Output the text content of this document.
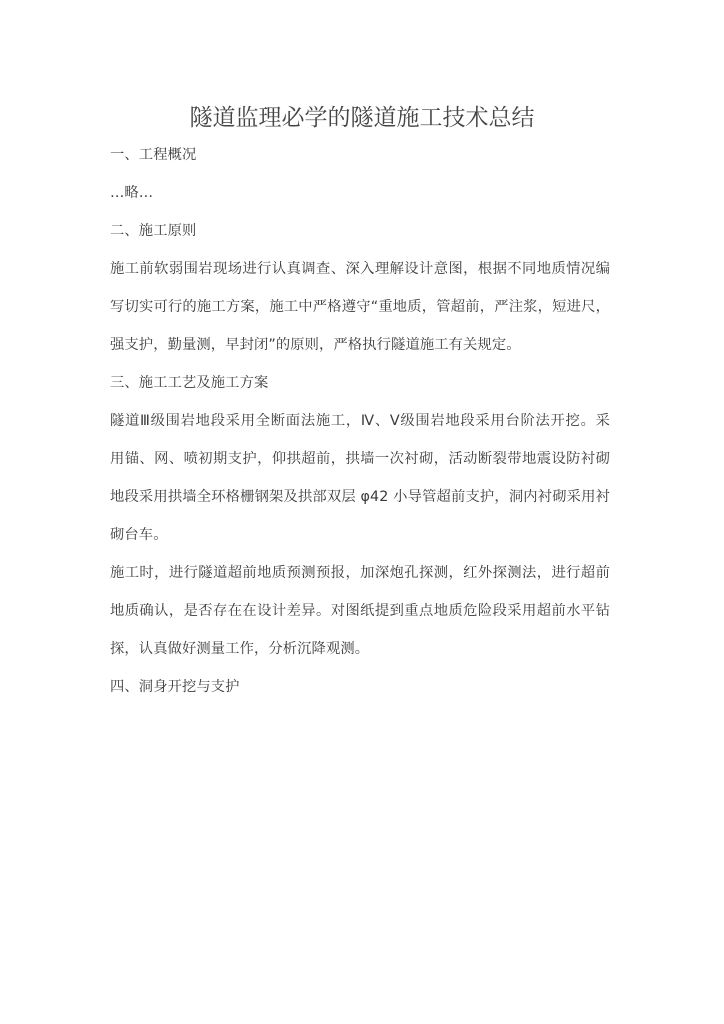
隧道监理必学的隧道施工技术总结
一、工程概况
…略…
二、施工原则
施工前软弱围岩现场进行认真调查、深入理解设计意图，根据不同地质情况编
写切实可行的施工方案，施工中严格遵守“重地质，管超前，严注浆，短进尺，
强支护，勤量测，早封闭”的原则，严格执行隧道施工有关规定。
三、施工工艺及施工方案
隧道Ⅲ级围岩地段采用全断面法施工，Ⅳ、Ⅴ级围岩地段采用台阶法开挖。采
用锚、网、喷初期支护，仰拱超前，拱墙一次衬砌，活动断裂带地震设防衬砌
地段采用拱墙全环格栅钢架及拱部双层 φ42 小导管超前支护，洞内衬砌采用衬
砌台车。
施工时，进行隧道超前地质预测预报，加深炮孔探测，红外探测法，进行超前
地质确认，是否存在在设计差异。对图纸提到重点地质危险段采用超前水平钻
探，认真做好测量工作，分析沉降观测。
四、洞身开挖与支护
